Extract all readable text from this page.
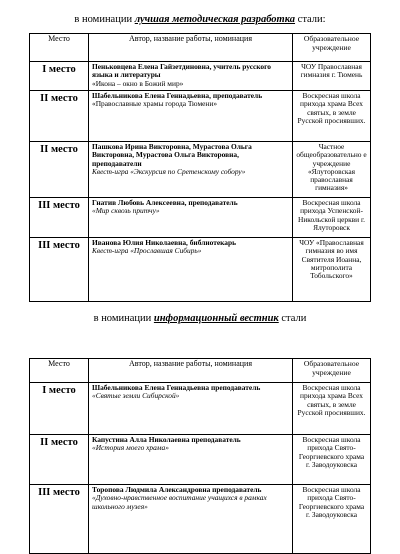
в номинации лучшая методическая разработка стали:
Место	Автор, название работы, номинация	Образовательное учреждение
I место	Пеньковцева Елена Гайзетдиновна, учитель русского языка и литературы
«Икона – окно в Божий мир»	ЧОУ Православная гимназия г. Тюмень

II место	Шабельникова Елена Геннадьевна, преподаватель
«Православные храмы города Тюмени»	Воскресная школа прихода храма Всех святых, в земле Русской просиявших.

II место	Пашкова Ирина Викторовна, Мурастова Ольга Викторовна, Мурастова Ольга Викторовна, преподаватели
Квест-игра «Экскурсия по Сретенскому собору»	Частное общеобразовательно е учреждение «Ялуторовская православная гимназия»

III место	Гнатив Любовь Алексеевна, преподаватель
«Мир сквозь притчу»	Воскресная школа прихода Успенской-Никольской церкви г. Ялуторовск

III место	Иванова Юлия Николаевна, библиотекарь
Квест-игра «Прославшая Сибирь»	ЧОУ «Православная гимназия во имя Святителя Иоанна, митрополита Тобольского»
в номинации информационный вестник стали
Место	Автор, название работы, номинация	Образовательное учреждение
I место	Шабельникова Елена Геннадьевна преподаватель
«Святые земли Сибирской»	Воскресная школа прихода храма Всех святых, в земле Русской просиявших.

II место	Капустина Алла Николаевна преподаватель
«История моего храма»	Воскресная школа прихода Свято-Георгиевского храма г. Заводоуковска

III место	Торопова Людмила Александровна преподаватель
«Духовно-нравственное воспитание учащихся в рамках школьного музея»	Воскресная школа прихода Свято-Георгиевского храма г. Заводоуковска
